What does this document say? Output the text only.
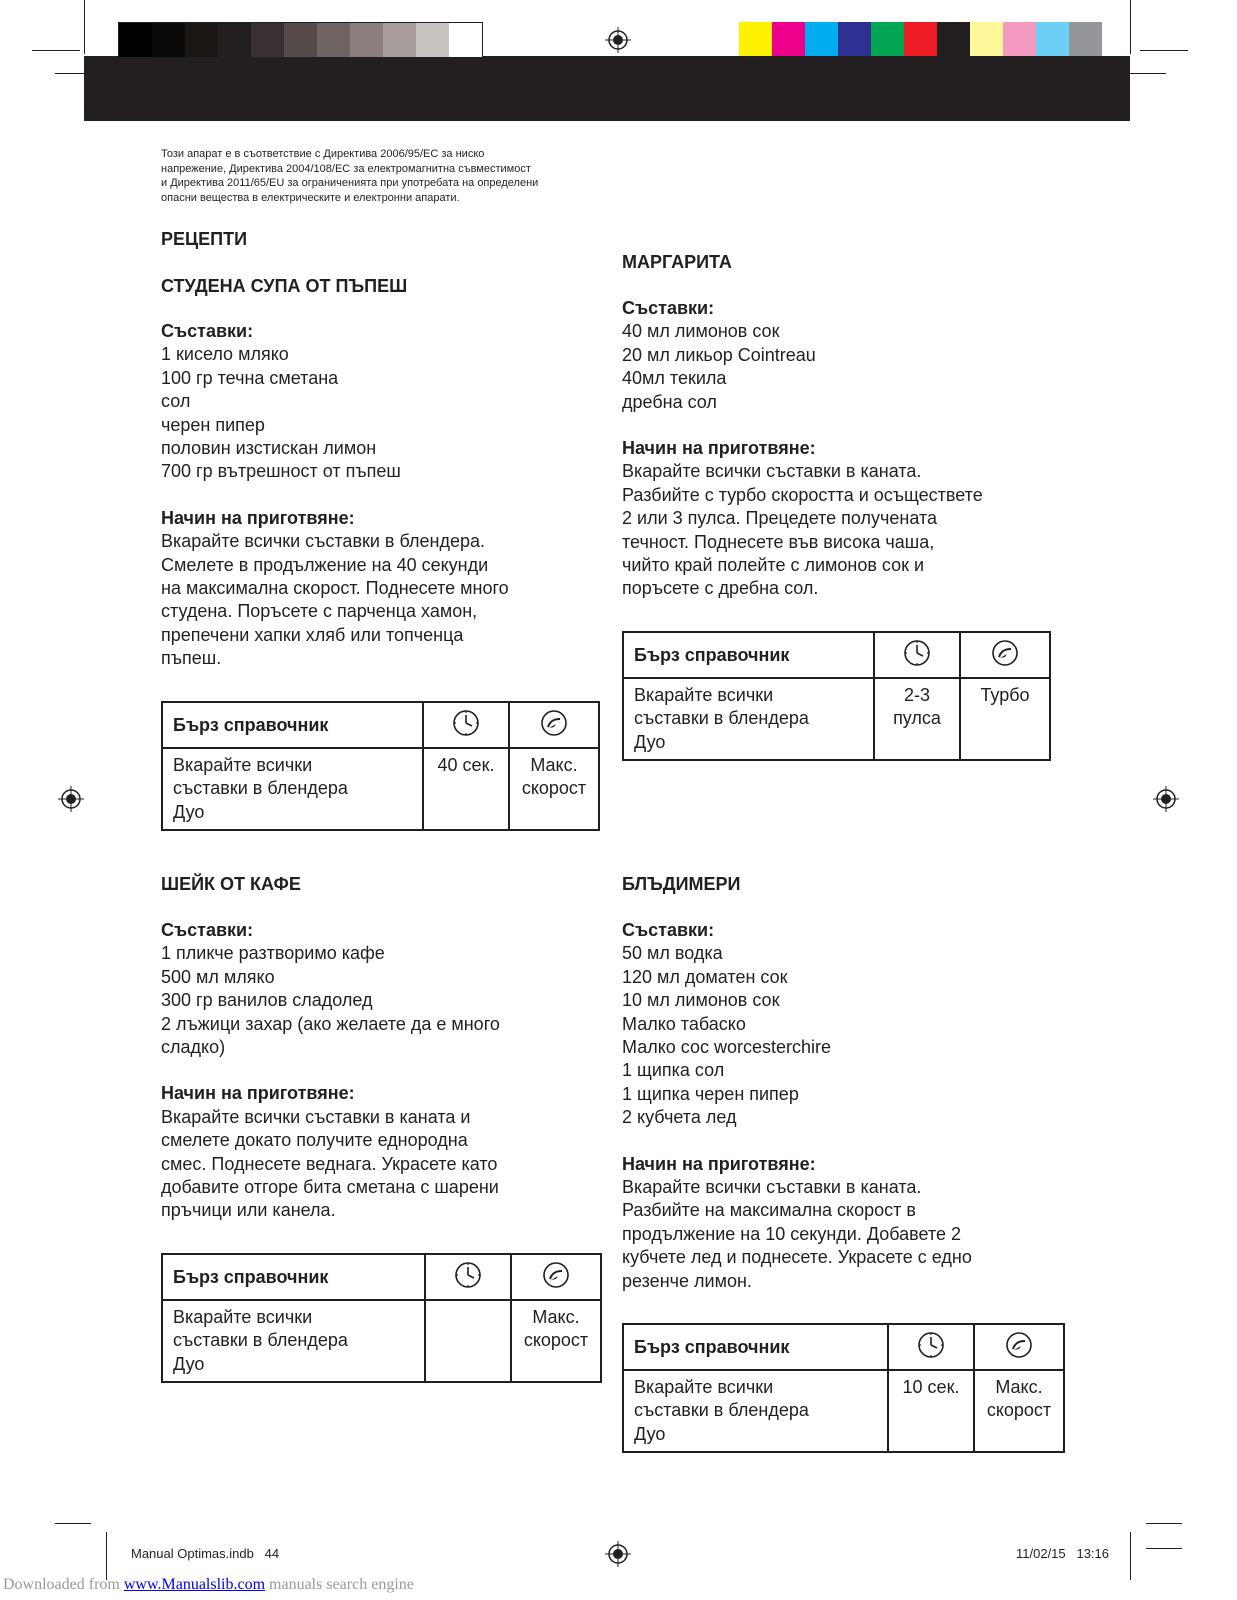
Този апарат е в съответствие с Директива 2006/95/ЕС за ниско
напрежение, Директива 2004/108/ЕС за електромагнитна съвместимост
и Директива 2011/65/EU за ограниченията при употребата на определени
опасни вещества в електрическите и електронни апарати.
РЕЦЕПТИ
СТУДЕНА СУПА ОТ ПЪПЕШ
Съставки:
1 кисело мляко
100 гр течна сметана
сол
черен пипер
половин изстискан лимон
700 гр вътрешност от пъпеш
Начин на приготвяне:
Вкарайте всички съставки в блендера.
Смелете в продължение на 40 секунди
на максимална скорост. Поднесете много
студена. Поръсете с парченца хамон,
препечени хапки хляб или топченца
пъпеш.
Бърз справочник		

Вкарайте всички
съставки в блендера
Дуо	40 сек.	Макс.
скорост
МАРГАРИТА
Съставки:
40 мл лимонов сок
20 мл ликьор Cointreau
40мл текила
дребна сол
Начин на приготвяне:
Вкарайте всички съставки в каната.
Разбийте с турбо скоростта и осъществете
2 или 3 пулса. Прецедете получената
течност. Поднесете във висока чаша,
чийто край полейте с лимонов сок и
поръсете с дребна сол.
Бърз справочник		

Вкарайте всички
съставки в блендера
Дуо	2-3
пулса	Турбо
ШЕЙК ОТ КАФЕ
Съставки:
1 пликче разтворимо кафе
500 мл мляко
300 гр ванилов сладолед
2 лъжици захар (ако желаете да е много
сладко)
Начин на приготвяне:
Вкарайте всички съставки в каната и
смелете докато получите еднородна
смес. Поднесете веднага. Украсете като
добавите отгоре бита сметана с шарени
пръчици или канела.
Бърз справочник		

Вкарайте всички
съставки в блендера
Дуо		Макс.
скорост
БЛЪДИМЕРИ
Съставки:
50 мл водка
120 мл доматен сок
10 мл лимонов сок
Малко табаско
Малко сос worcesterchire
1 щипка сол
1 щипка черен пипер
2 кубчета лед
Начин на приготвяне:
Вкарайте всички съставки в каната.
Разбийте на максимална скорост в
продължение на 10 секунди. Добавете 2
кубчете лед и поднесете. Украсете с едно
резенче лимон.
Бърз справочник		

Вкарайте всички
съставки в блендера
Дуо	10 сек.	Макс.
скорост
Manual Optimas.indb   44	11/02/15   13:16
Downloaded from www.Manualslib.com manuals search engine
